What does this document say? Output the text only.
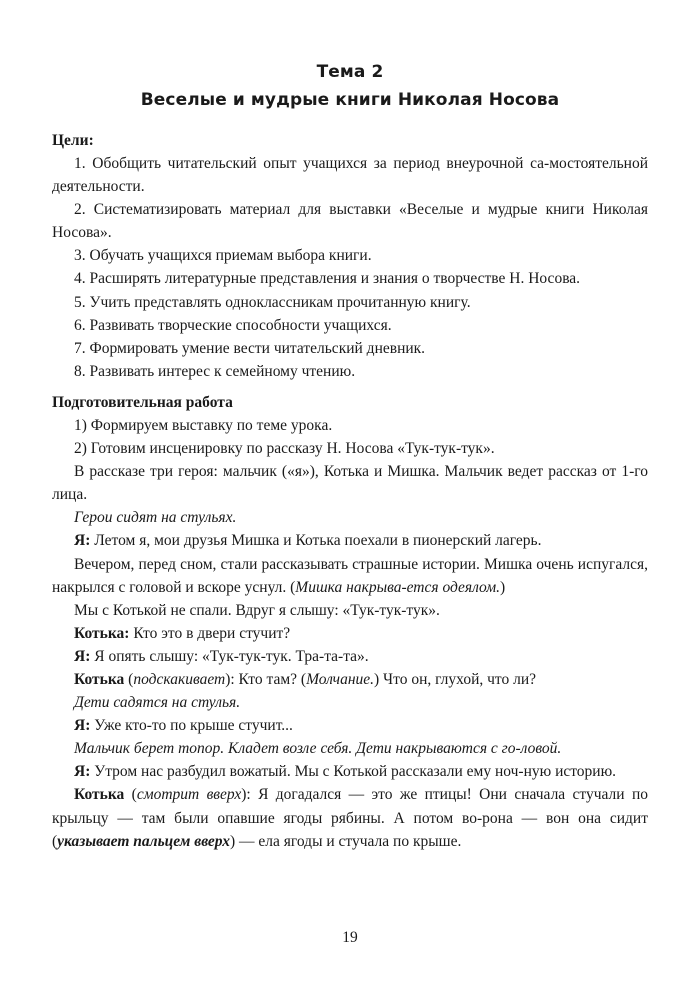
Тема 2
Веселые и мудрые книги Николая Носова
Цели:

1. Обобщить читательский опыт учащихся за период внеурочной са-мостоятельной деятельности.

2. Систематизировать материал для выставки «Веселые и мудрые книги Николая Носова».

3. Обучать учащихся приемам выбора книги.

4. Расширять литературные представления и знания о творчестве Н. Носова.

5. Учить представлять одноклассникам прочитанную книгу.

6. Развивать творческие способности учащихся.

7. Формировать умение вести читательский дневник.

8. Развивать интерес к семейному чтению.

Подготовительная работа

1) Формируем выставку по теме урока.

2) Готовим инсценировку по рассказу Н. Носова «Тук-тук-тук».

В рассказе три героя: мальчик («я»), Котька и Мишка. Мальчик ведет рассказ от 1-го лица.

Герои сидят на стульях.

Я: Летом я, мои друзья Мишка и Котька поехали в пионерский лагерь.

Вечером, перед сном, стали рассказывать страшные истории. Мишка очень испугался, накрылся с головой и вскоре уснул. (Мишка накрыва-ется одеялом.)

Мы с Котькой не спали. Вдруг я слышу: «Тук-тук-тук».

Котька: Кто это в двери стучит?

Я: Я опять слышу: «Тук-тук-тук. Тра-та-та».

Котька (подскакивает): Кто там? (Молчание.) Что он, глухой, что ли?

Дети садятся на стулья.

Я: Уже кто-то по крыше стучит...

Мальчик берет топор. Кладет возле себя. Дети накрываются с го-ловой.

Я: Утром нас разбудил вожатый. Мы с Котькой рассказали ему ноч-ную историю.

Котька (смотрит вверх): Я догадался — это же птицы! Они сначала стучали по крыльцу — там были опавшие ягоды рябины. А потом во-рона — вон она сидит (указывает пальцем вверх) — ела ягоды и стучала по крыше.

19
